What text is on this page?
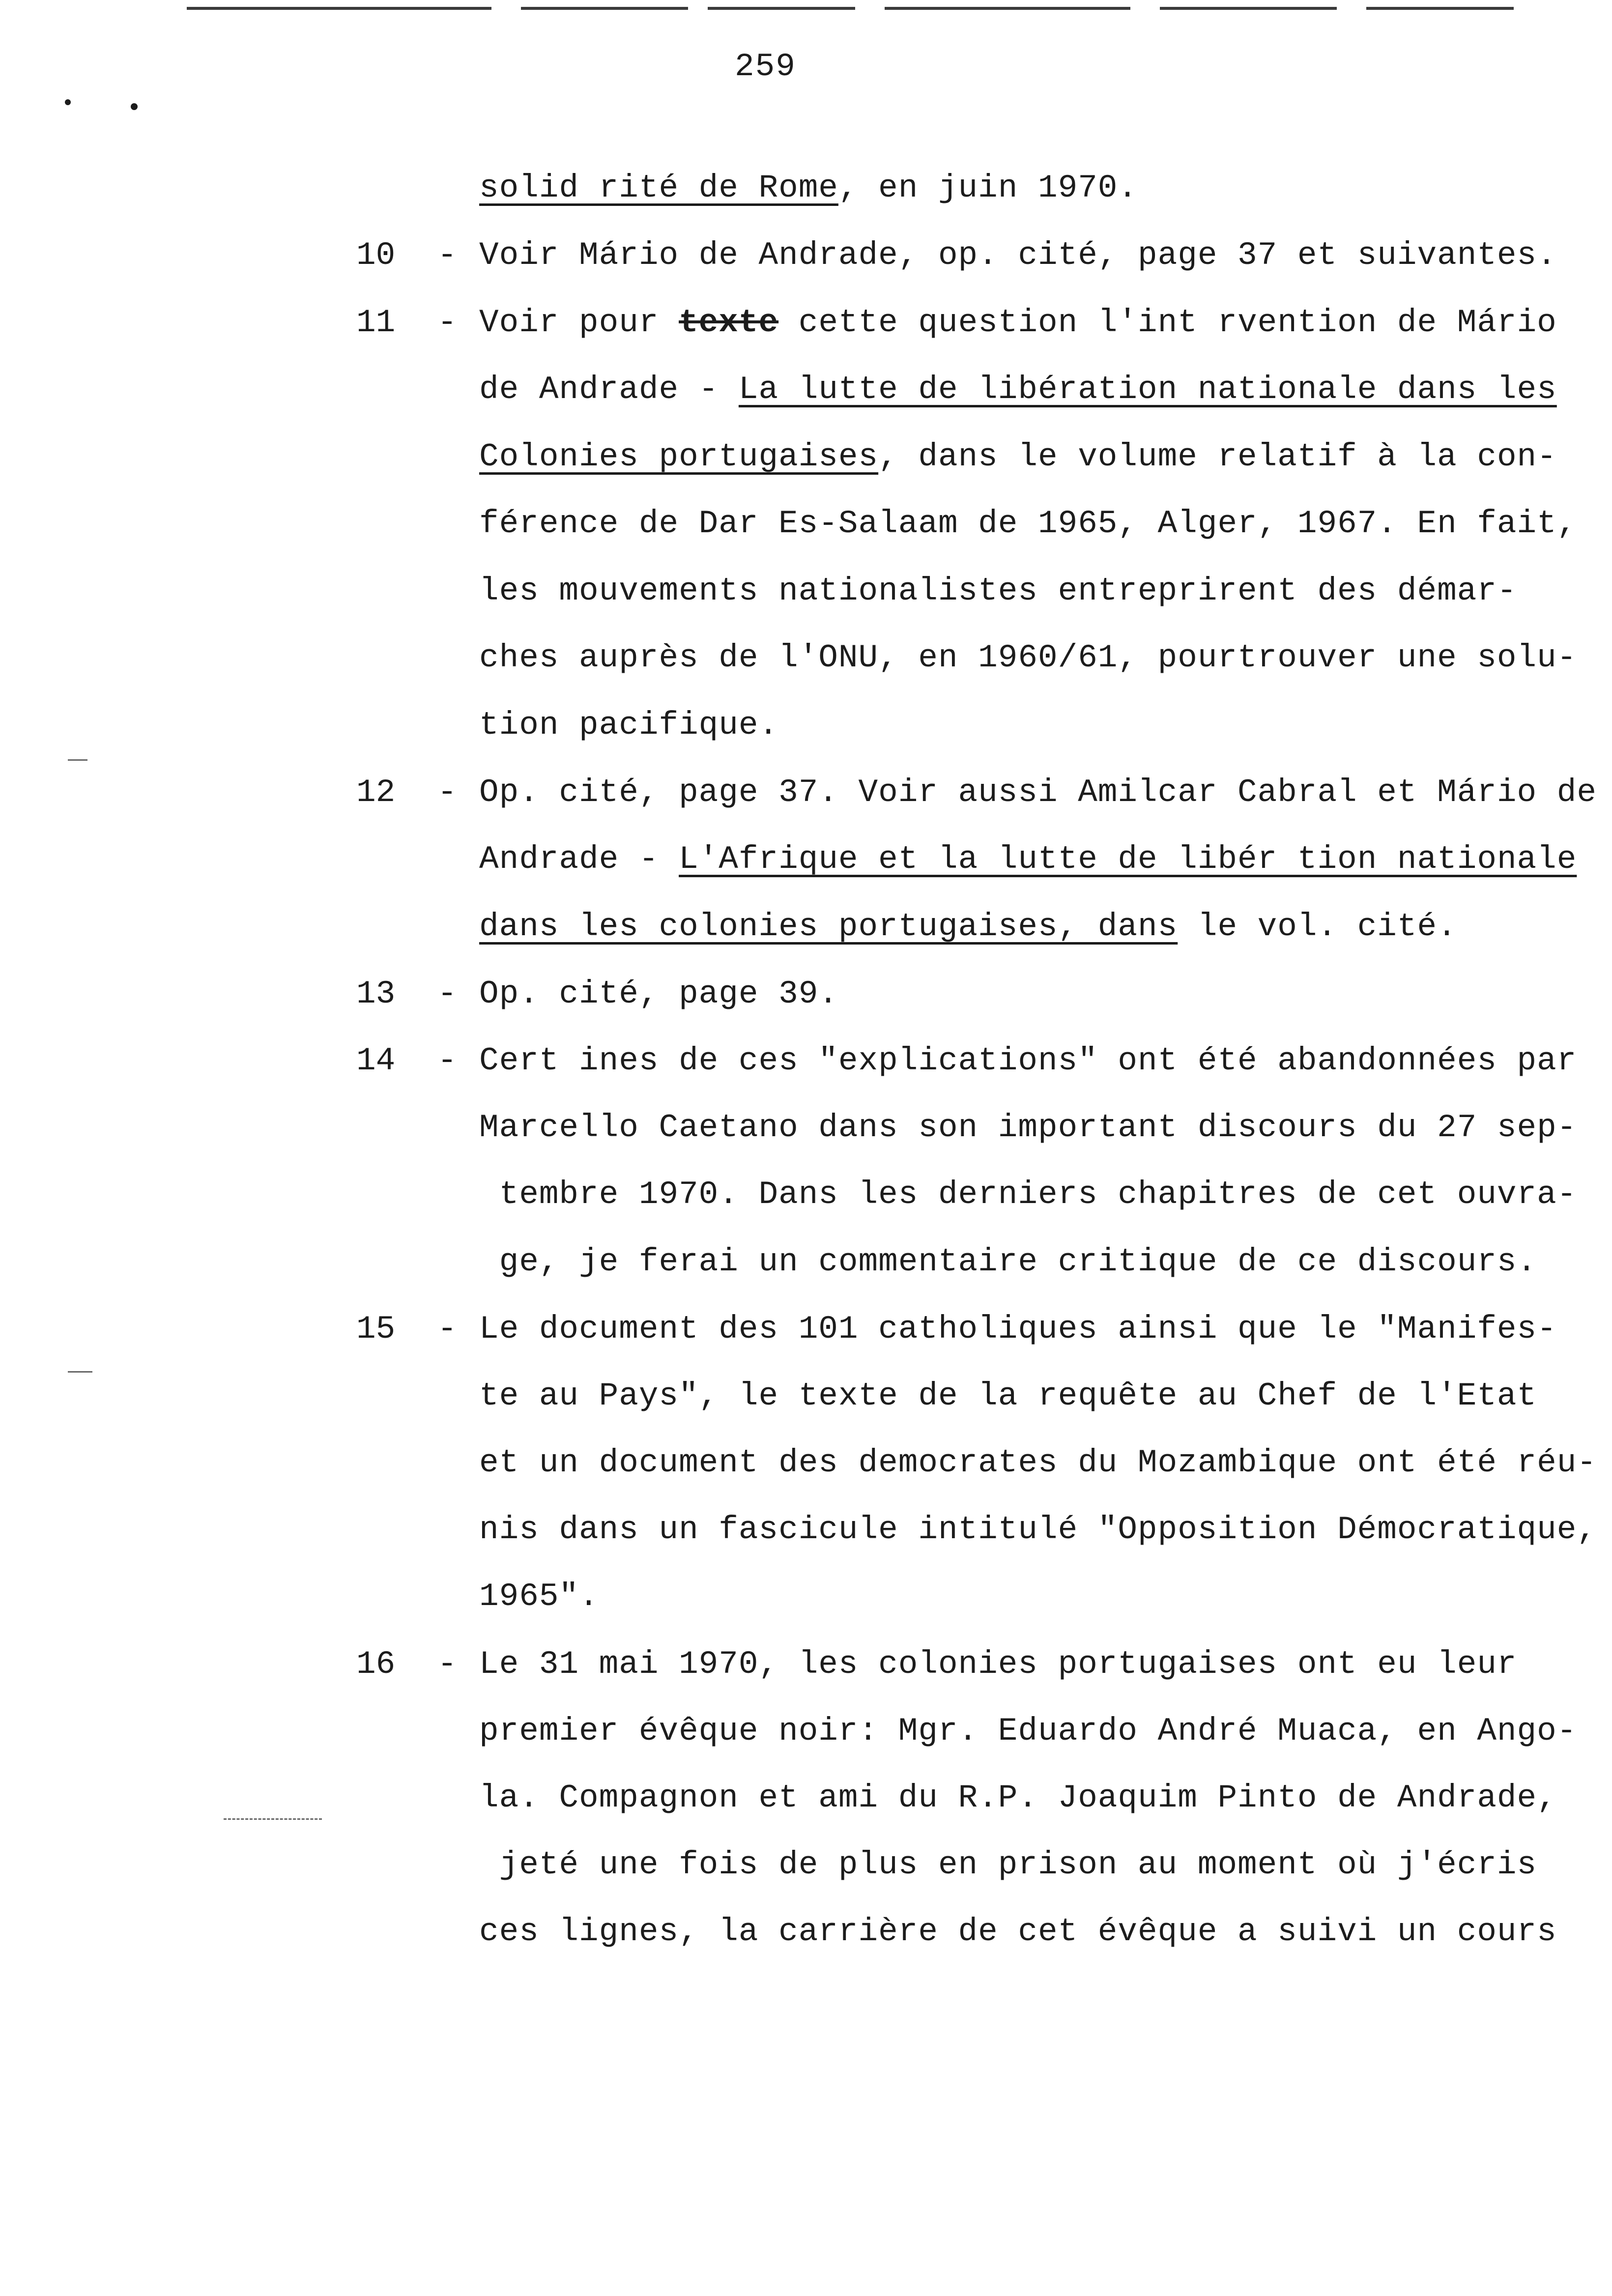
259
solid rité de Rome, en juin 1970.
10 - Voir Mário de Andrade, op. cité, page 37 et suivantes.
11 - Voir pour texte cette question l'int rvention de Mário
de Andrade - La lutte de libération nationale dans les
Colonies portugaises, dans le volume relatif à la con-
férence de Dar Es-Salaam de 1965, Alger, 1967. En fait,
les mouvements nationalistes entreprirent des démar-
ches auprès de l'ONU, en 1960/61, pourtrouver une solu-
tion pacifique.
12 - Op. cité, page 37. Voir aussi Amilcar Cabral et Mário de
Andrade - L'Afrique et la lutte de libér tion nationale
dans les colonies portugaises, dans le vol. cité.
13 - Op. cité, page 39.
14 - Cert ines de ces "explications" ont été abandonnées par
Marcello Caetano dans son important discours du 27 sep-
tembre 1970. Dans les derniers chapitres de cet ouvra-
ge, je ferai un commentaire critique de ce discours.
15 - Le document des 101 catholiques ainsi que le "Manifes-
te au Pays", le texte de la requête au Chef de l'Etat
et un document des democrates du Mozambique ont été réu-
nis dans un fascicule intitulé "Opposition Démocratique,
1965".
16 - Le 31 mai 1970, les colonies portugaises ont eu leur
premier évêque noir: Mgr. Eduardo André Muaca, en Ango-
la. Compagnon et ami du R.P. Joaquim Pinto de Andrade,
jeté une fois de plus en prison au moment où j'écris
ces lignes, la carrière de cet évêque a suivi un cours
